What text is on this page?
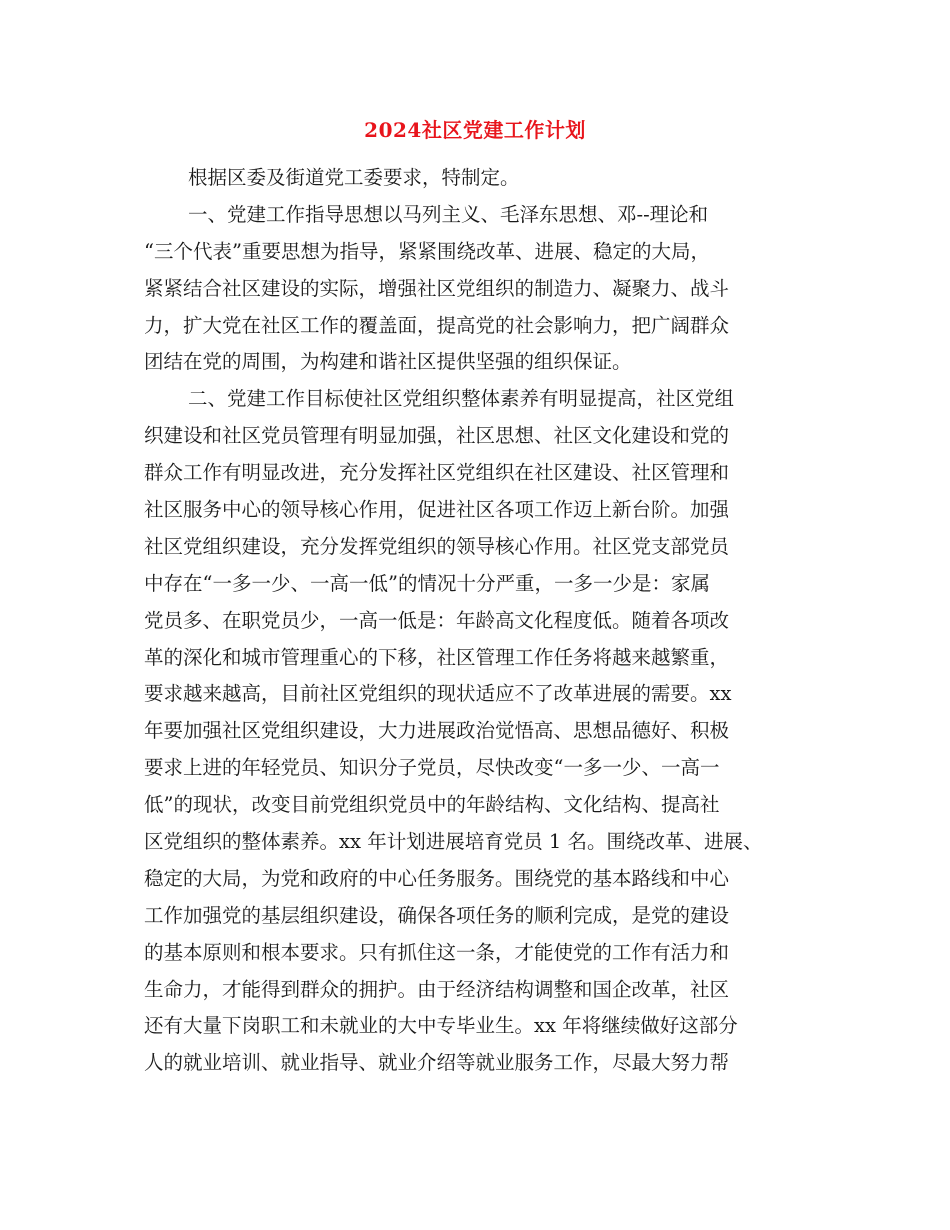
2024社区党建工作计划
根据区委及街道党工委要求，特制定。
一、党建工作指导思想以马列主义、毛泽东思想、邓--理论和
“三个代表”重要思想为指导，紧紧围绕改革、进展、稳定的大局，
紧紧结合社区建设的实际，增强社区党组织的制造力、凝聚力、战斗
力，扩大党在社区工作的覆盖面，提高党的社会影响力，把广阔群众
团结在党的周围，为构建和谐社区提供坚强的组织保证。
二、党建工作目标使社区党组织整体素养有明显提高，社区党组
织建设和社区党员管理有明显加强，社区思想、社区文化建设和党的
群众工作有明显改进，充分发挥社区党组织在社区建设、社区管理和
社区服务中心的领导核心作用，促进社区各项工作迈上新台阶。加强
社区党组织建设，充分发挥党组织的领导核心作用。社区党支部党员
中存在“一多一少、一高一低”的情况十分严重，一多一少是：家属
党员多、在职党员少，一高一低是：年龄高文化程度低。随着各项改
革的深化和城市管理重心的下移，社区管理工作任务将越来越繁重，
要求越来越高，目前社区党组织的现状适应不了改革进展的需要。xx
年要加强社区党组织建设，大力进展政治觉悟高、思想品德好、积极
要求上进的年轻党员、知识分子党员，尽快改变“一多一少、一高一
低”的现状，改变目前党组织党员中的年龄结构、文化结构、提高社
区党组织的整体素养。xx 年计划进展培育党员 1 名。围绕改革、进展、
稳定的大局，为党和政府的中心任务服务。围绕党的基本路线和中心
工作加强党的基层组织建设，确保各项任务的顺利完成，是党的建设
的基本原则和根本要求。只有抓住这一条，才能使党的工作有活力和
生命力，才能得到群众的拥护。由于经济结构调整和国企改革，社区
还有大量下岗职工和未就业的大中专毕业生。xx 年将继续做好这部分
人的就业培训、就业指导、就业介绍等就业服务工作，尽最大努力帮
